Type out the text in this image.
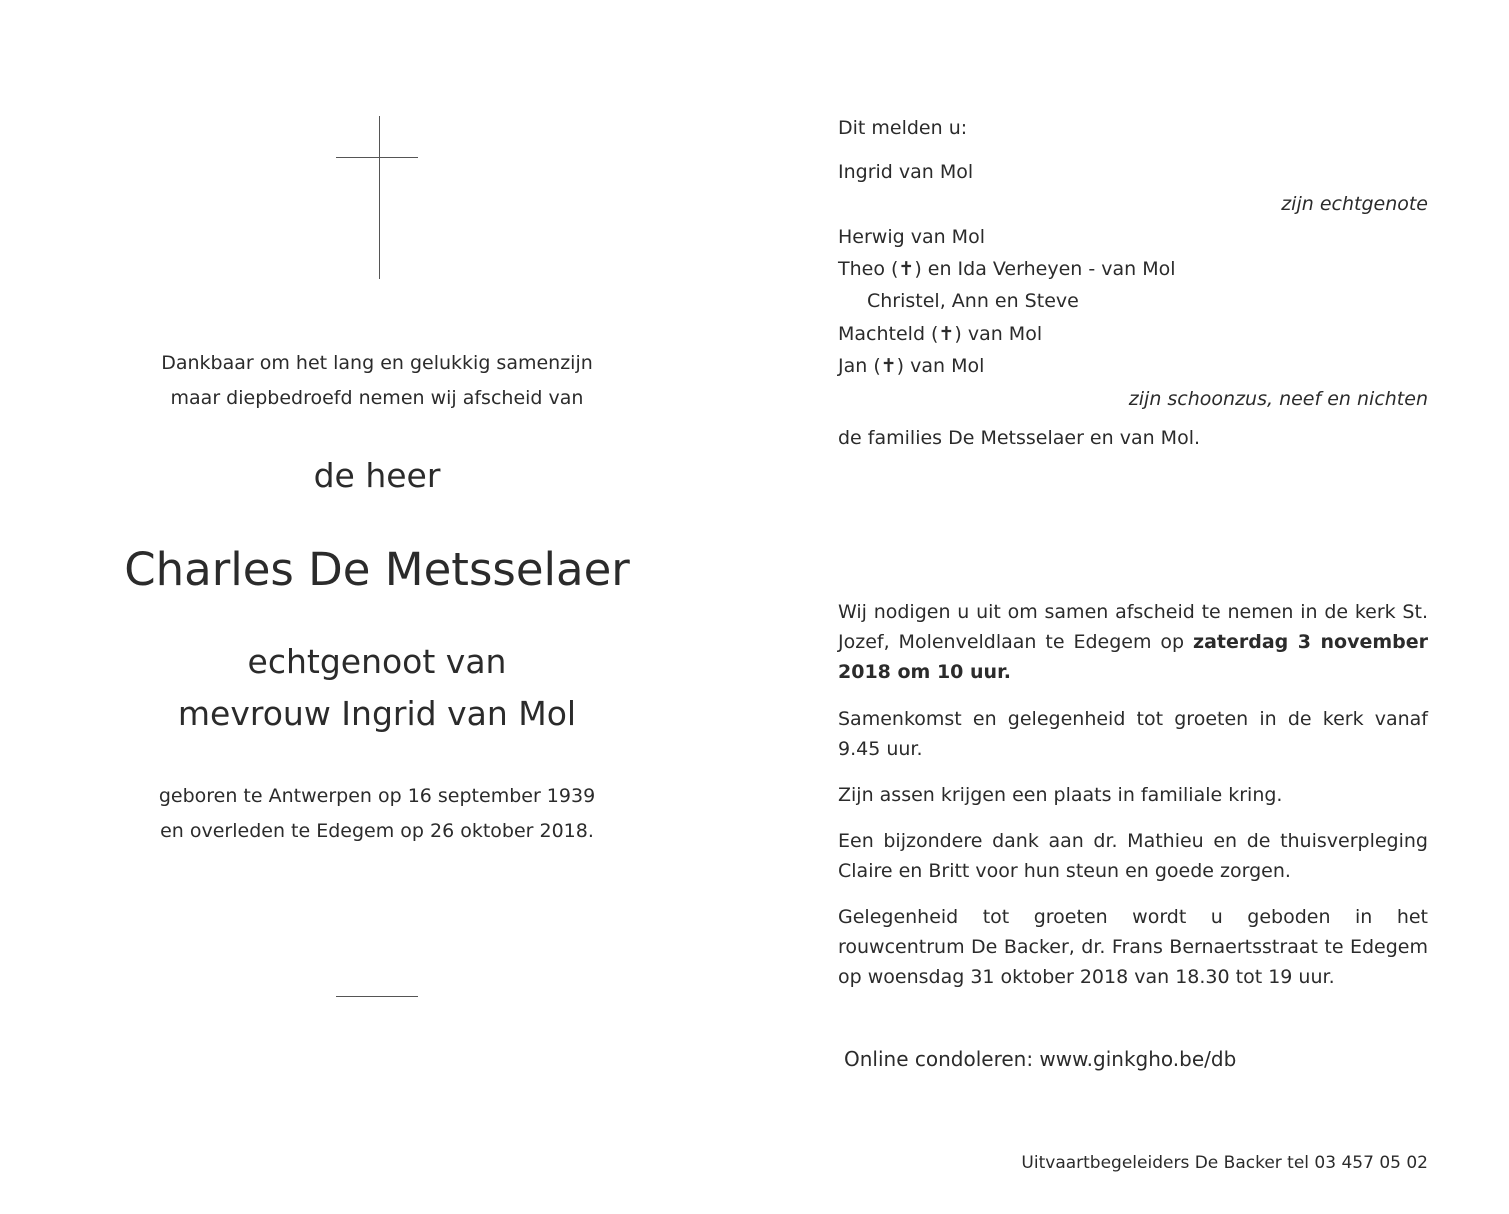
Dankbaar om het lang en gelukkig samenzijn
maar diepbedroefd nemen wij afscheid van
de heer
Charles De Metsselaer
echtgenoot van
mevrouw Ingrid van Mol
geboren te Antwerpen op 16 september 1939
en overleden te Edegem op 26 oktober 2018.
Dit melden u:
Ingrid van Mol
zijn echtgenote
Herwig van Mol
Theo (✝) en Ida Verheyen - van Mol
Christel, Ann en Steve
Machteld (✝) van Mol
Jan (✝) van Mol
zijn schoonzus, neef en nichten
de families De Metsselaer en van Mol.
Wij nodigen u uit om samen afscheid te nemen in de kerk St. Jozef, Molenveldlaan te Edegem op zaterdag 3 november 2018 om 10 uur.
Samenkomst en gelegenheid tot groeten in de kerk vanaf 9.45 uur.
Zijn assen krijgen een plaats in familiale kring.
Een bijzondere dank aan dr. Mathieu en de thuisverpleging Claire en Britt voor hun steun en goede zorgen.
Gelegenheid tot groeten wordt u geboden in het rouwcentrum De Backer, dr. Frans Bernaertsstraat te Edegem op woensdag 31 oktober 2018 van 18.30 tot 19 uur.
Online condoleren: www.ginkgho.be/db
Uitvaartbegeleiders De Backer tel 03 457 05 02
